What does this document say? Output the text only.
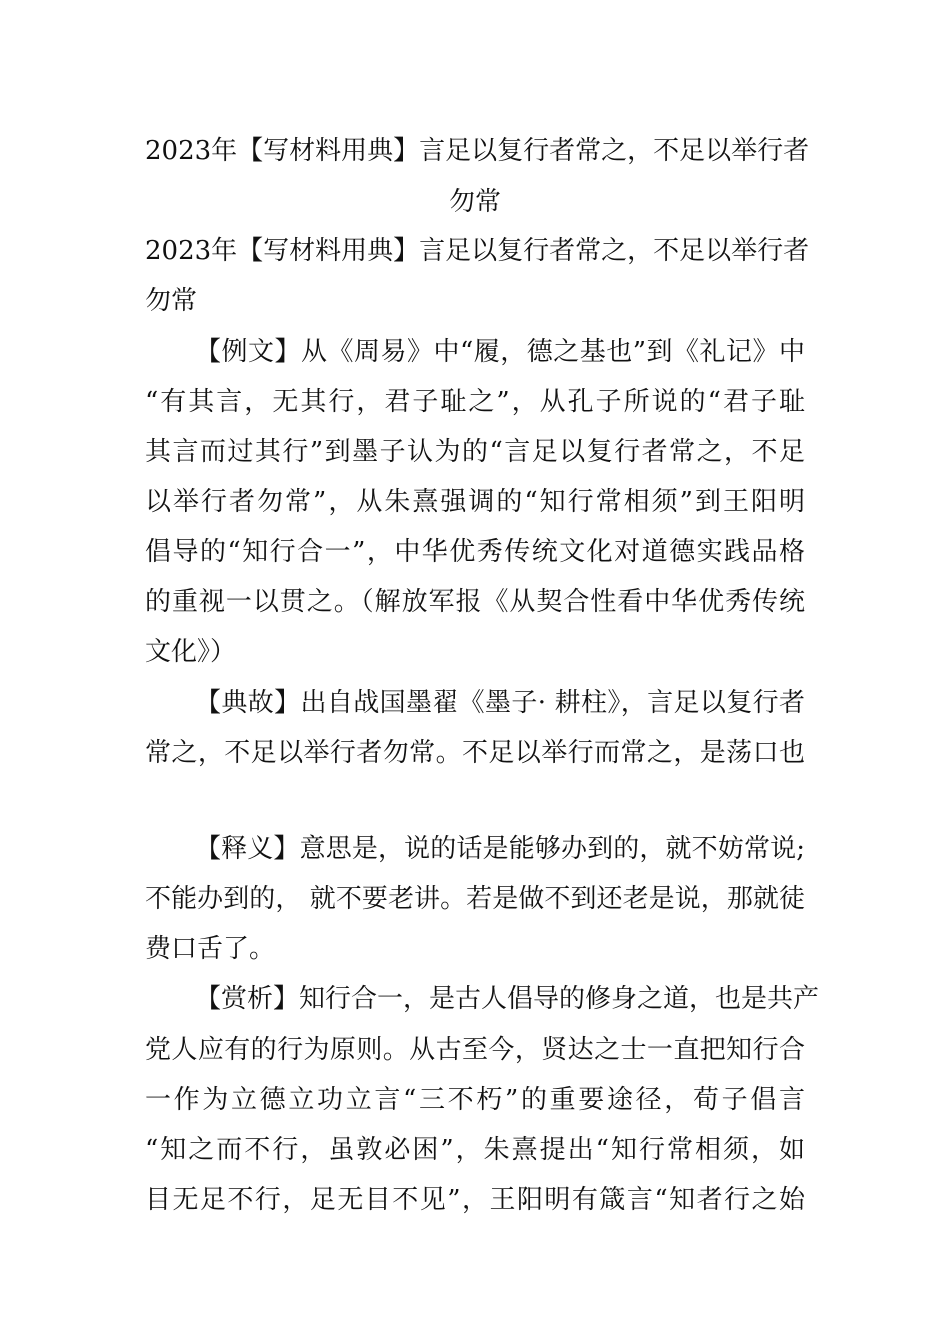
2023年【写材料用典】言足以复行者常之，不足以举行者
勿常
2023年【写材料用典】言足以复行者常之，不足以举行者
勿常
【例文】从《周易》中“履，德之基也”到《礼记》中
“有其言，无其行，君子耻之”，从孔子所说的“君子耻
其言而过其行”到墨子认为的“言足以复行者常之，不足
以举行者勿常”，从朱熹强调的“知行常相须”到王阳明
倡导的“知行合一”，中华优秀传统文化对道德实践品格
的重视一以贯之。（解放军报《从契合性看中华优秀传统
文化》）
【典故】出自战国墨翟《墨子· 耕柱》，言足以复行者
常之，不足以举行者勿常。不足以举行而常之，是荡口也
【释义】意思是，说的话是能够办到的，就不妨常说;
不能办到的， 就不要老讲。若是做不到还老是说，那就徒
费口舌了。
【赏析】知行合一，是古人倡导的修身之道，也是共产
党人应有的行为原则。从古至今，贤达之士一直把知行合
一作为立德立功立言“三不朽”的重要途径，荀子倡言
“知之而不行，虽敦必困”，朱熹提出“知行常相须，如
目无足不行，足无目不见”，王阳明有箴言“知者行之始
